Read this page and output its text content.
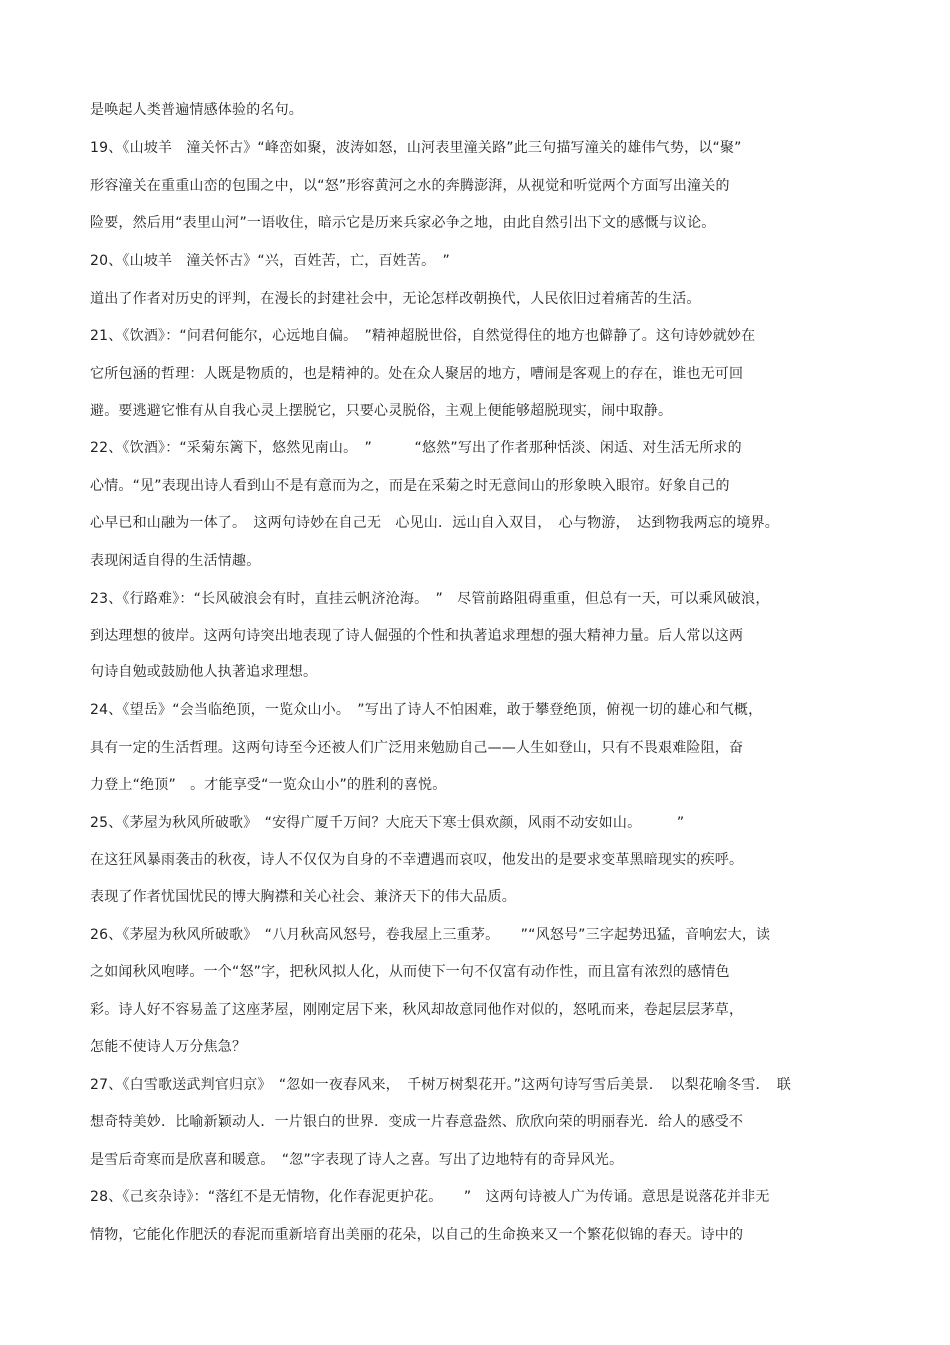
是唤起人类普遍情感体验的名句。
19、《山坡羊　潼关怀古》“峰峦如聚，波涛如怒，山河表里潼关路”此三句描写潼关的雄伟气势，以“聚”
形容潼关在重重山峦的包围之中，以“怒”形容黄河之水的奔腾澎湃，从视觉和听觉两个方面写出潼关的
险要，然后用“表里山河”一语收住，暗示它是历来兵家必争之地，由此自然引出下文的感慨与议论。
20、《山坡羊　潼关怀古》“兴，百姓苦，亡，百姓苦。　”
道出了作者对历史的评判，在漫长的封建社会中，无论怎样改朝换代，人民依旧过着痛苦的生活。
21、《饮酒》：“问君何能尔，心远地自偏。　”精神超脱世俗，自然觉得住的地方也僻静了。这句诗妙就妙在
它所包涵的哲理：人既是物质的，也是精神的。处在众人聚居的地方，嘈闹是客观上的存在，谁也无可回
避。要逃避它惟有从自我心灵上摆脱它，只要心灵脱俗，主观上便能够超脱现实，闹中取静。
22、《饮酒》：“采菊东篱下，悠然见南山。　”　　　“悠然”写出了作者那种恬淡、闲适、对生活无所求的
心情。“见”表现出诗人看到山不是有意而为之，而是在采菊之时无意间山的形象映入眼帘。好象自己的
心早已和山融为一体了。　这两句诗妙在自己无　心见山．远山自入双目，　心与物游，　达到物我两忘的境界。
表现闲适自得的生活情趣。
23、《行路难》：“长风破浪会有时，直挂云帆济沧海。　”　尽管前路阻碍重重，但总有一天，可以乘风破浪，
到达理想的彼岸。这两句诗突出地表现了诗人倔强的个性和执著追求理想的强大精神力量。后人常以这两
句诗自勉或鼓励他人执著追求理想。
24、《望岳》“会当临绝顶，一览众山小。　”写出了诗人不怕困难，敢于攀登绝顶，俯视一切的雄心和气概，
具有一定的生活哲理。这两句诗至今还被人们广泛用来勉励自己——人生如登山，只有不畏艰难险阻，奋
力登上“绝顶”　。才能享受“一览众山小”的胜利的喜悦。
25、《茅屋为秋风所破歌》　“安得广厦千万间？大庇天下寒士俱欢颜，风雨不动安如山。　　　”
在这狂风暴雨袭击的秋夜，诗人不仅仅为自身的不幸遭遇而哀叹，他发出的是要求变革黑暗现实的疾呼。
表现了作者忧国忧民的博大胸襟和关心社会、兼济天下的伟大品质。
26、《茅屋为秋风所破歌》　“八月秋高风怒号，卷我屋上三重茅。　　”“风怒号”三字起势迅猛，音响宏大，读
之如闻秋风咆哮。一个“怒”字，把秋风拟人化，从而使下一句不仅富有动作性，而且富有浓烈的感情色
彩。诗人好不容易盖了这座茅屋，刚刚定居下来，秋风却故意同他作对似的，怒吼而来，卷起层层茅草，
怎能不使诗人万分焦急？
27、《白雪歌送武判官归京》　“忽如一夜春风来，　千树万树梨花开。”这两句诗写雪后美景．　以梨花喻冬雪．　联
想奇特美妙．比喻新颖动人．一片银白的世界．变成一片春意盎然、欣欣向荣的明丽春光．给人的感受不
是雪后奇寒而是欣喜和暖意。　“忽”字表现了诗人之喜。写出了边地特有的奇异风光。
28、《己亥杂诗》：“落红不是无情物，化作春泥更护花。　　”　这两句诗被人广为传诵。意思是说落花并非无
情物，它能化作肥沃的春泥而重新培育出美丽的花朵，以自己的生命换来又一个繁花似锦的春天。诗中的
